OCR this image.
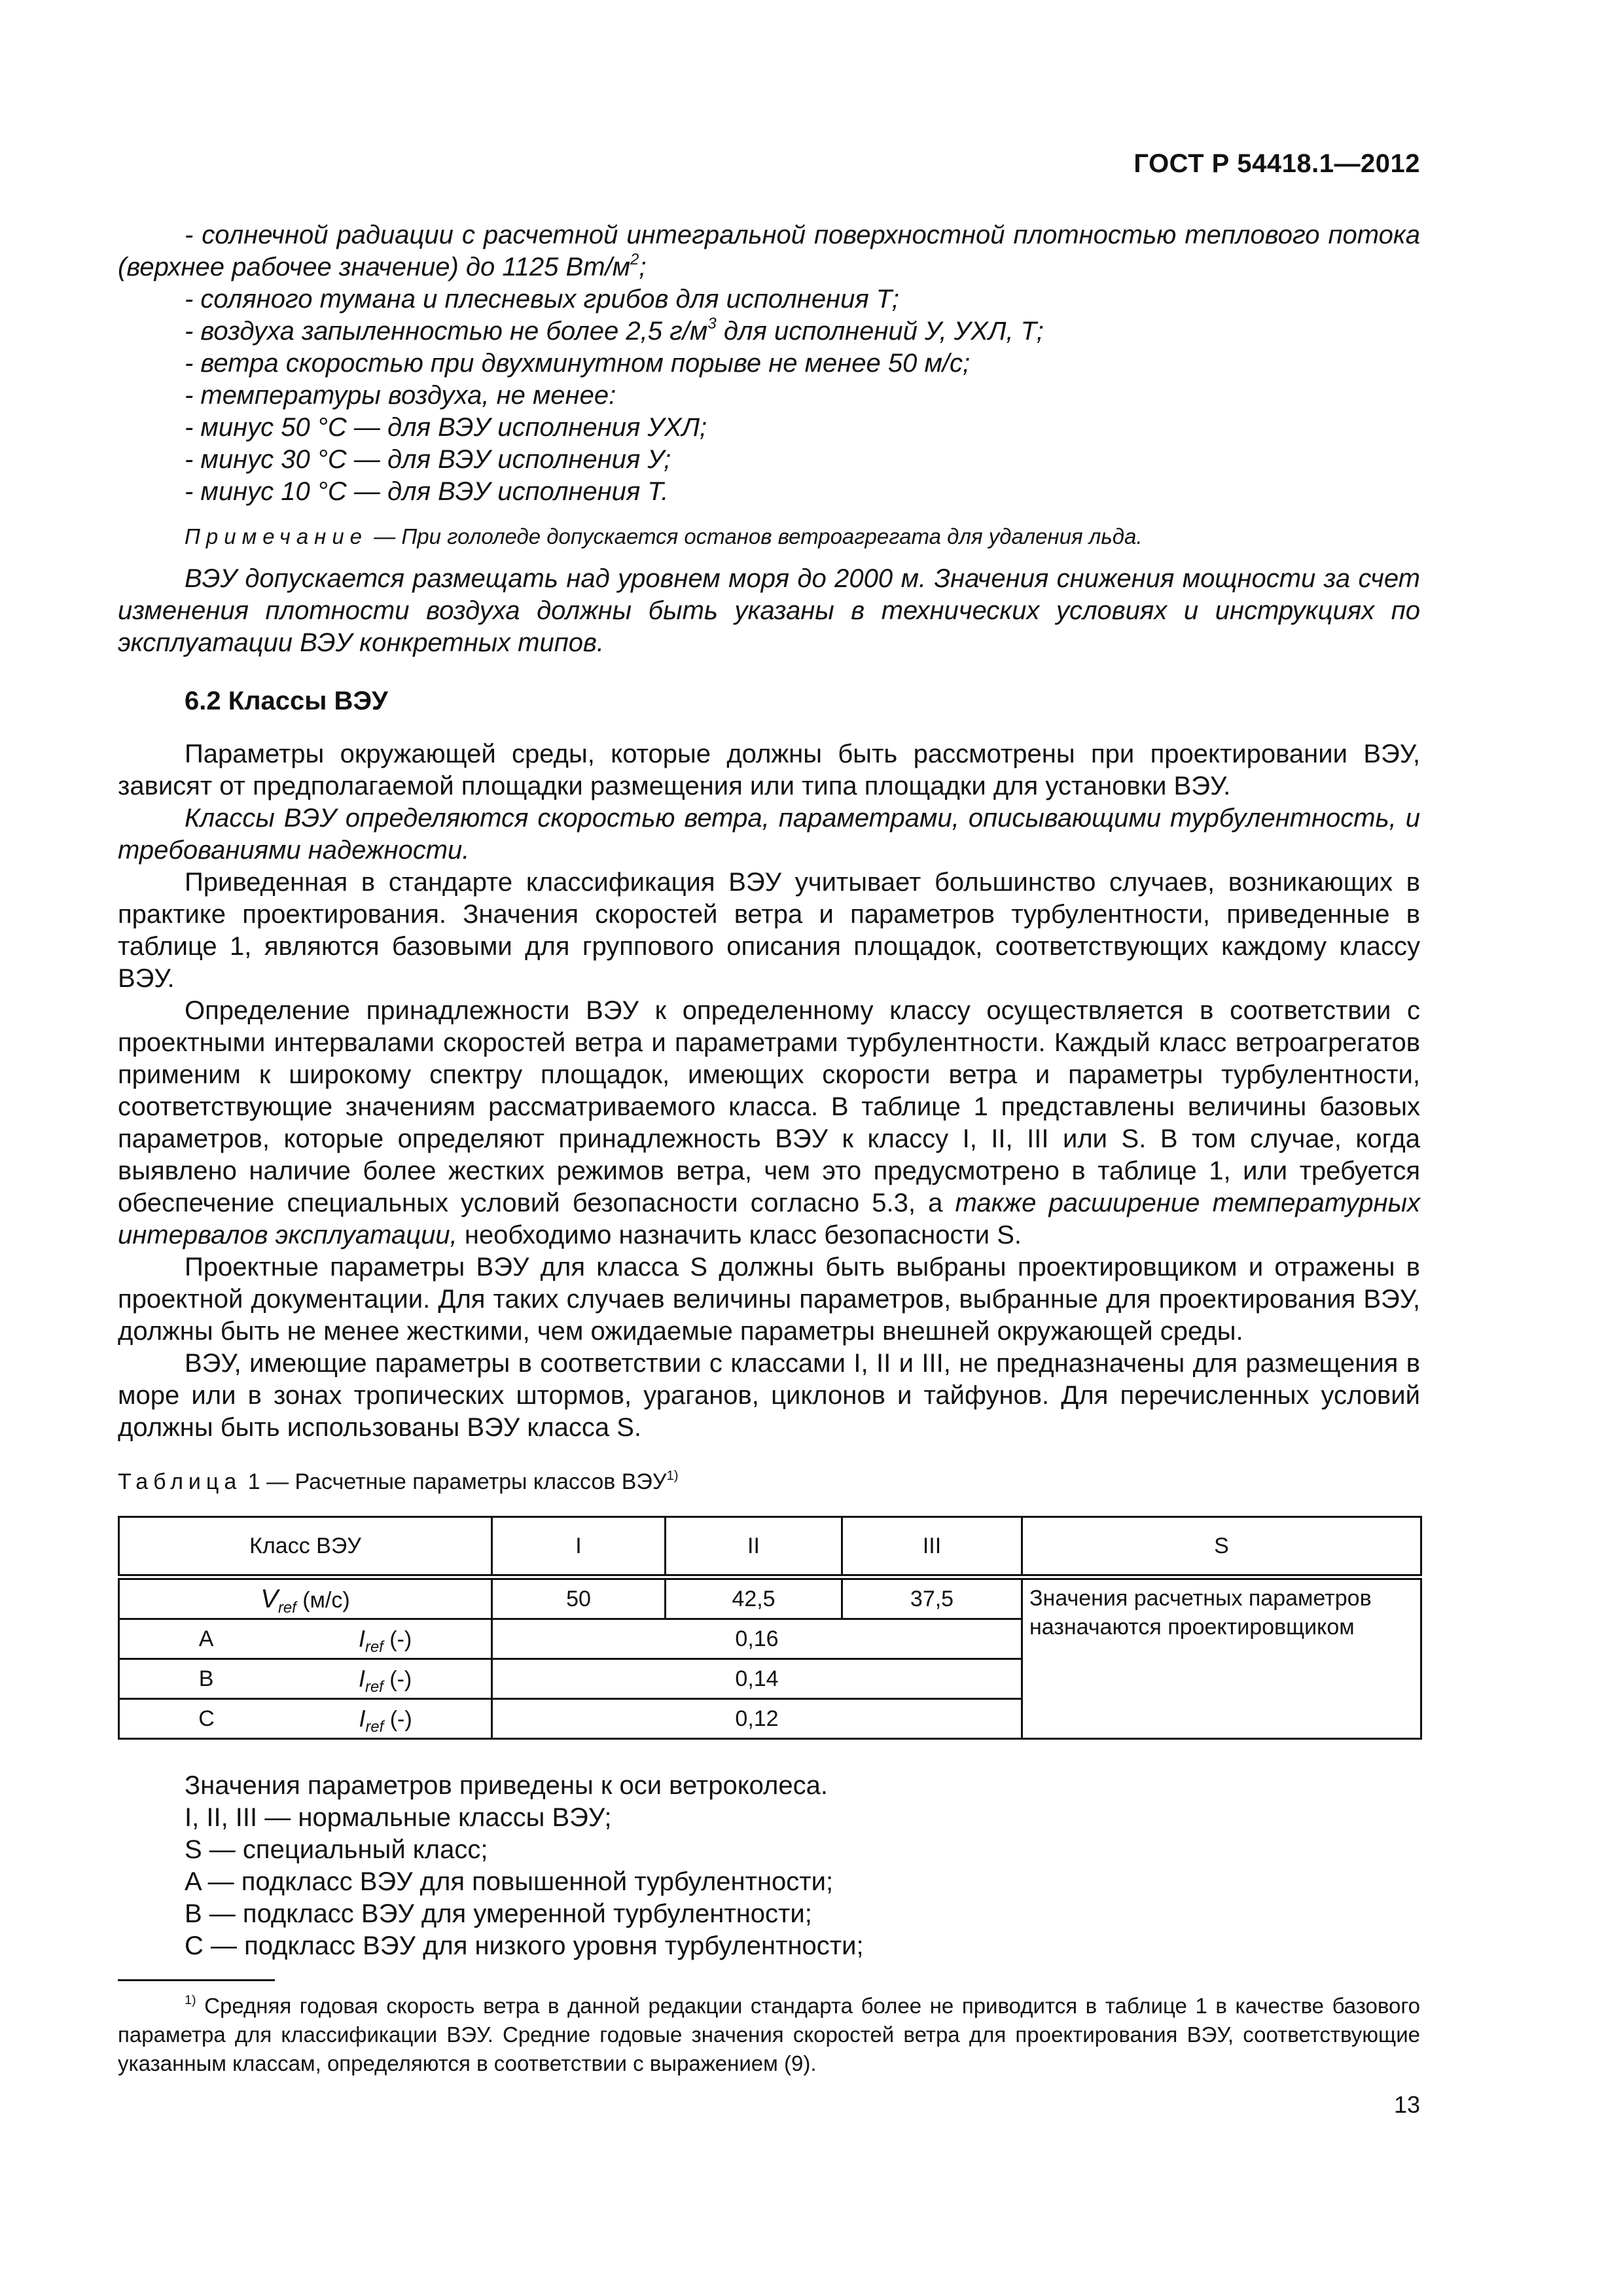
ГОСТ Р 54418.1—2012

- солнечной радиации с расчетной интегральной поверхностной плотностью теплового потока (верхнее рабочее значение) до 1125 $Вт/м^2$;

- соляного тумана и плесневых грибов для исполнения Т;

- воздуха запыленностью не более 2,5 $г/м^3$ для исполнений У, УХЛ, Т;

- ветра скоростью при двухминутном порыве не менее 50 м/с;

- температуры воздуха, не менее:

- минус 50 °С — для ВЭУ исполнения УХЛ;

- минус 30 °С — для ВЭУ исполнения У;

- минус 10 °С — для ВЭУ исполнения Т.

Примечание — При гололеде допускается останов ветроагрегата для удаления льда.

ВЭУ допускается размещать над уровнем моря до 2000 м. Значения снижения мощности за счет изменения плотности воздуха должны быть указаны в технических условиях и инструкциях по эксплуатации ВЭУ конкретных типов.

6.2 Классы ВЭУ

Параметры окружающей среды, которые должны быть рассмотрены при проектировании ВЭУ, зависят от предполагаемой площадки размещения или типа площадки для установки ВЭУ.

Классы ВЭУ определяются скоростью ветра, параметрами, описывающими турбулентность, и требованиями надежности.

Приведенная в стандарте классификация ВЭУ учитывает большинство случаев, возникающих в практике проектирования. Значения скоростей ветра и параметров турбулентности, приведенные в таблице 1, являются базовыми для группового описания площадок, соответствующих каждому классу ВЭУ.

Определение принадлежности ВЭУ к определенному классу осуществляется в соответствии с проектными интервалами скоростей ветра и параметрами турбулентности. Каждый класс ветроагрегатов применим к широкому спектру площадок, имеющих скорости ветра и параметры турбулентности, соответствующие значениям рассматриваемого класса. В таблице 1 представлены величины базовых параметров, которые определяют принадлежность ВЭУ к классу I, II, III или S. В том случае, когда выявлено наличие более жестких режимов ветра, чем это предусмотрено в таблице 1, или требуется обеспечение специальных условий безопасности согласно 5.3, а также расширение температурных интервалов эксплуатации, необходимо назначить класс безопасности S.

Проектные параметры ВЭУ для класса S должны быть выбраны проектировщиком и отражены в проектной документации. Для таких случаев величины параметров, выбранные для проектирования ВЭУ, должны быть не менее жесткими, чем ожидаемые параметры внешней окружающей среды.

ВЭУ, имеющие параметры в соответствии с классами I, II и III, не предназначены для размещения в море или в зонах тропических штормов, ураганов, циклонов и тайфунов. Для перечисленных условий должны быть использованы ВЭУ класса S.

Таблица 1 — Расчетные параметры классов ВЭУ$^{1)}$
Класс ВЭУ	I	II	III	S
$V_{ref}$ (м/с)	50	42,5	37,5	Значения расчетных параметров назначаются проектировщиком

A $I_{ref}$ (-)	0,16			

B $I_{ref}$ (-)	0,14			

C $I_{ref}$ (-)	0,12			

Значения параметров приведены к оси ветроколеса.

I, II, III — нормальные классы ВЭУ;

S — специальный класс;

A — подкласс ВЭУ для повышенной турбулентности;

B — подкласс ВЭУ для умеренной турбулентности;

C — подкласс ВЭУ для низкого уровня турбулентности;

$^{1)}$ Средняя годовая скорость ветра в данной редакции стандарта более не приводится в таблице 1 в качестве базового параметра для классификации ВЭУ. Средние годовые значения скоростей ветра для проектирования ВЭУ, соответствующие указанным классам, определяются в соответствии с выражением (9).

13
